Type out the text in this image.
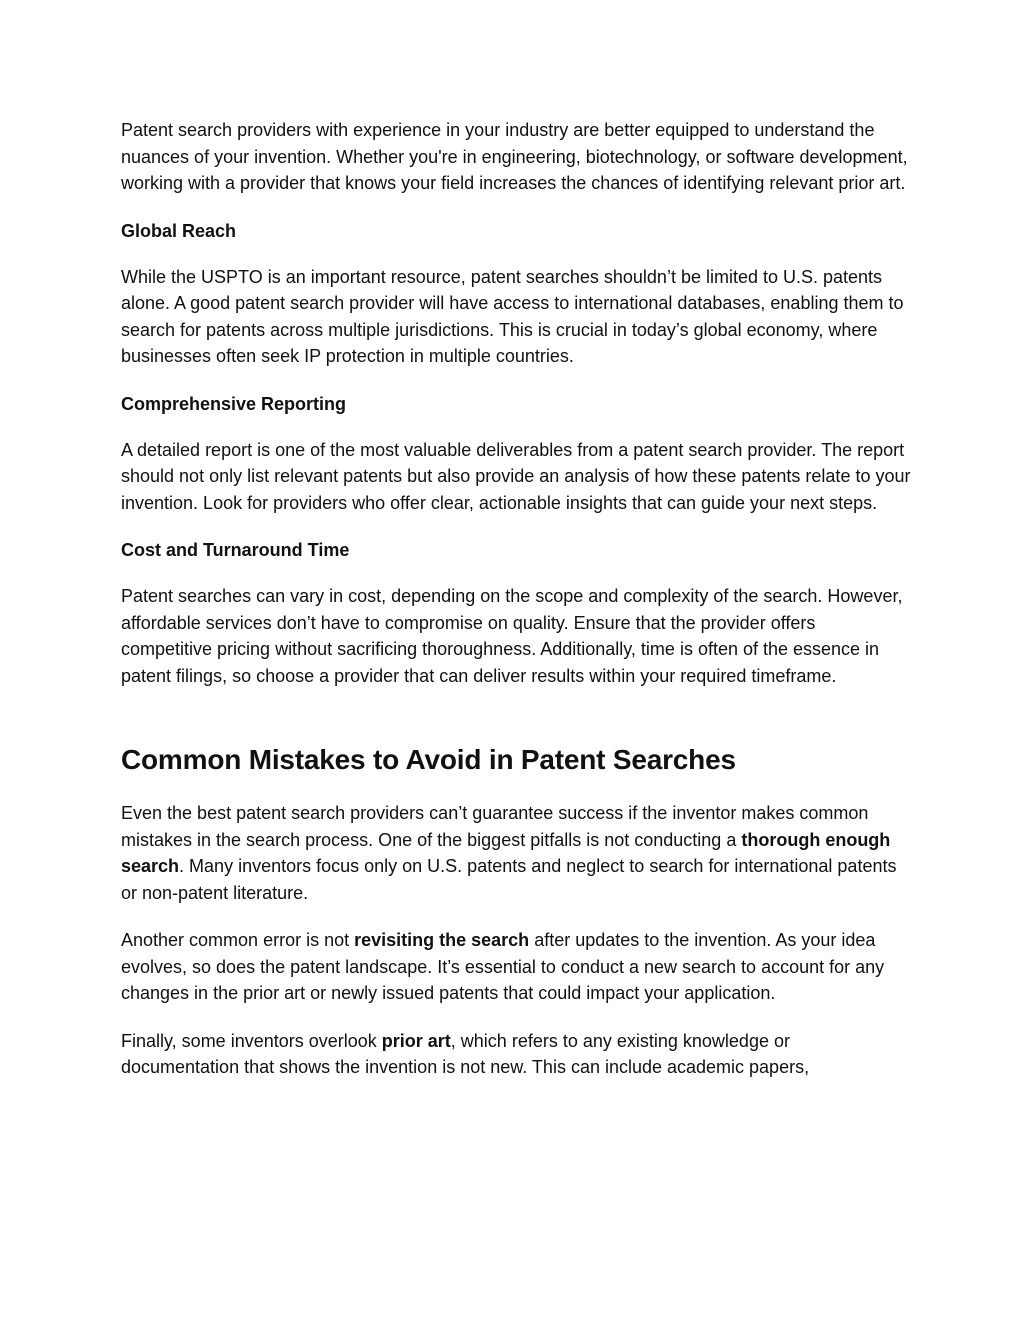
Patent search providers with experience in your industry are better equipped to understand the nuances of your invention. Whether you're in engineering, biotechnology, or software development, working with a provider that knows your field increases the chances of identifying relevant prior art.

Global Reach

While the USPTO is an important resource, patent searches shouldn’t be limited to U.S. patents alone. A good patent search provider will have access to international databases, enabling them to search for patents across multiple jurisdictions. This is crucial in today’s global economy, where businesses often seek IP protection in multiple countries.

Comprehensive Reporting

A detailed report is one of the most valuable deliverables from a patent search provider. The report should not only list relevant patents but also provide an analysis of how these patents relate to your invention. Look for providers who offer clear, actionable insights that can guide your next steps.

Cost and Turnaround Time

Patent searches can vary in cost, depending on the scope and complexity of the search. However, affordable services don’t have to compromise on quality. Ensure that the provider offers competitive pricing without sacrificing thoroughness. Additionally, time is often of the essence in patent filings, so choose a provider that can deliver results within your required timeframe.

Common Mistakes to Avoid in Patent Searches

Even the best patent search providers can’t guarantee success if the inventor makes common mistakes in the search process. One of the biggest pitfalls is not conducting a thorough enough search. Many inventors focus only on U.S. patents and neglect to search for international patents or non-patent literature.

Another common error is not revisiting the search after updates to the invention. As your idea evolves, so does the patent landscape. It’s essential to conduct a new search to account for any changes in the prior art or newly issued patents that could impact your application.

Finally, some inventors overlook prior art, which refers to any existing knowledge or documentation that shows the invention is not new. This can include academic papers,
